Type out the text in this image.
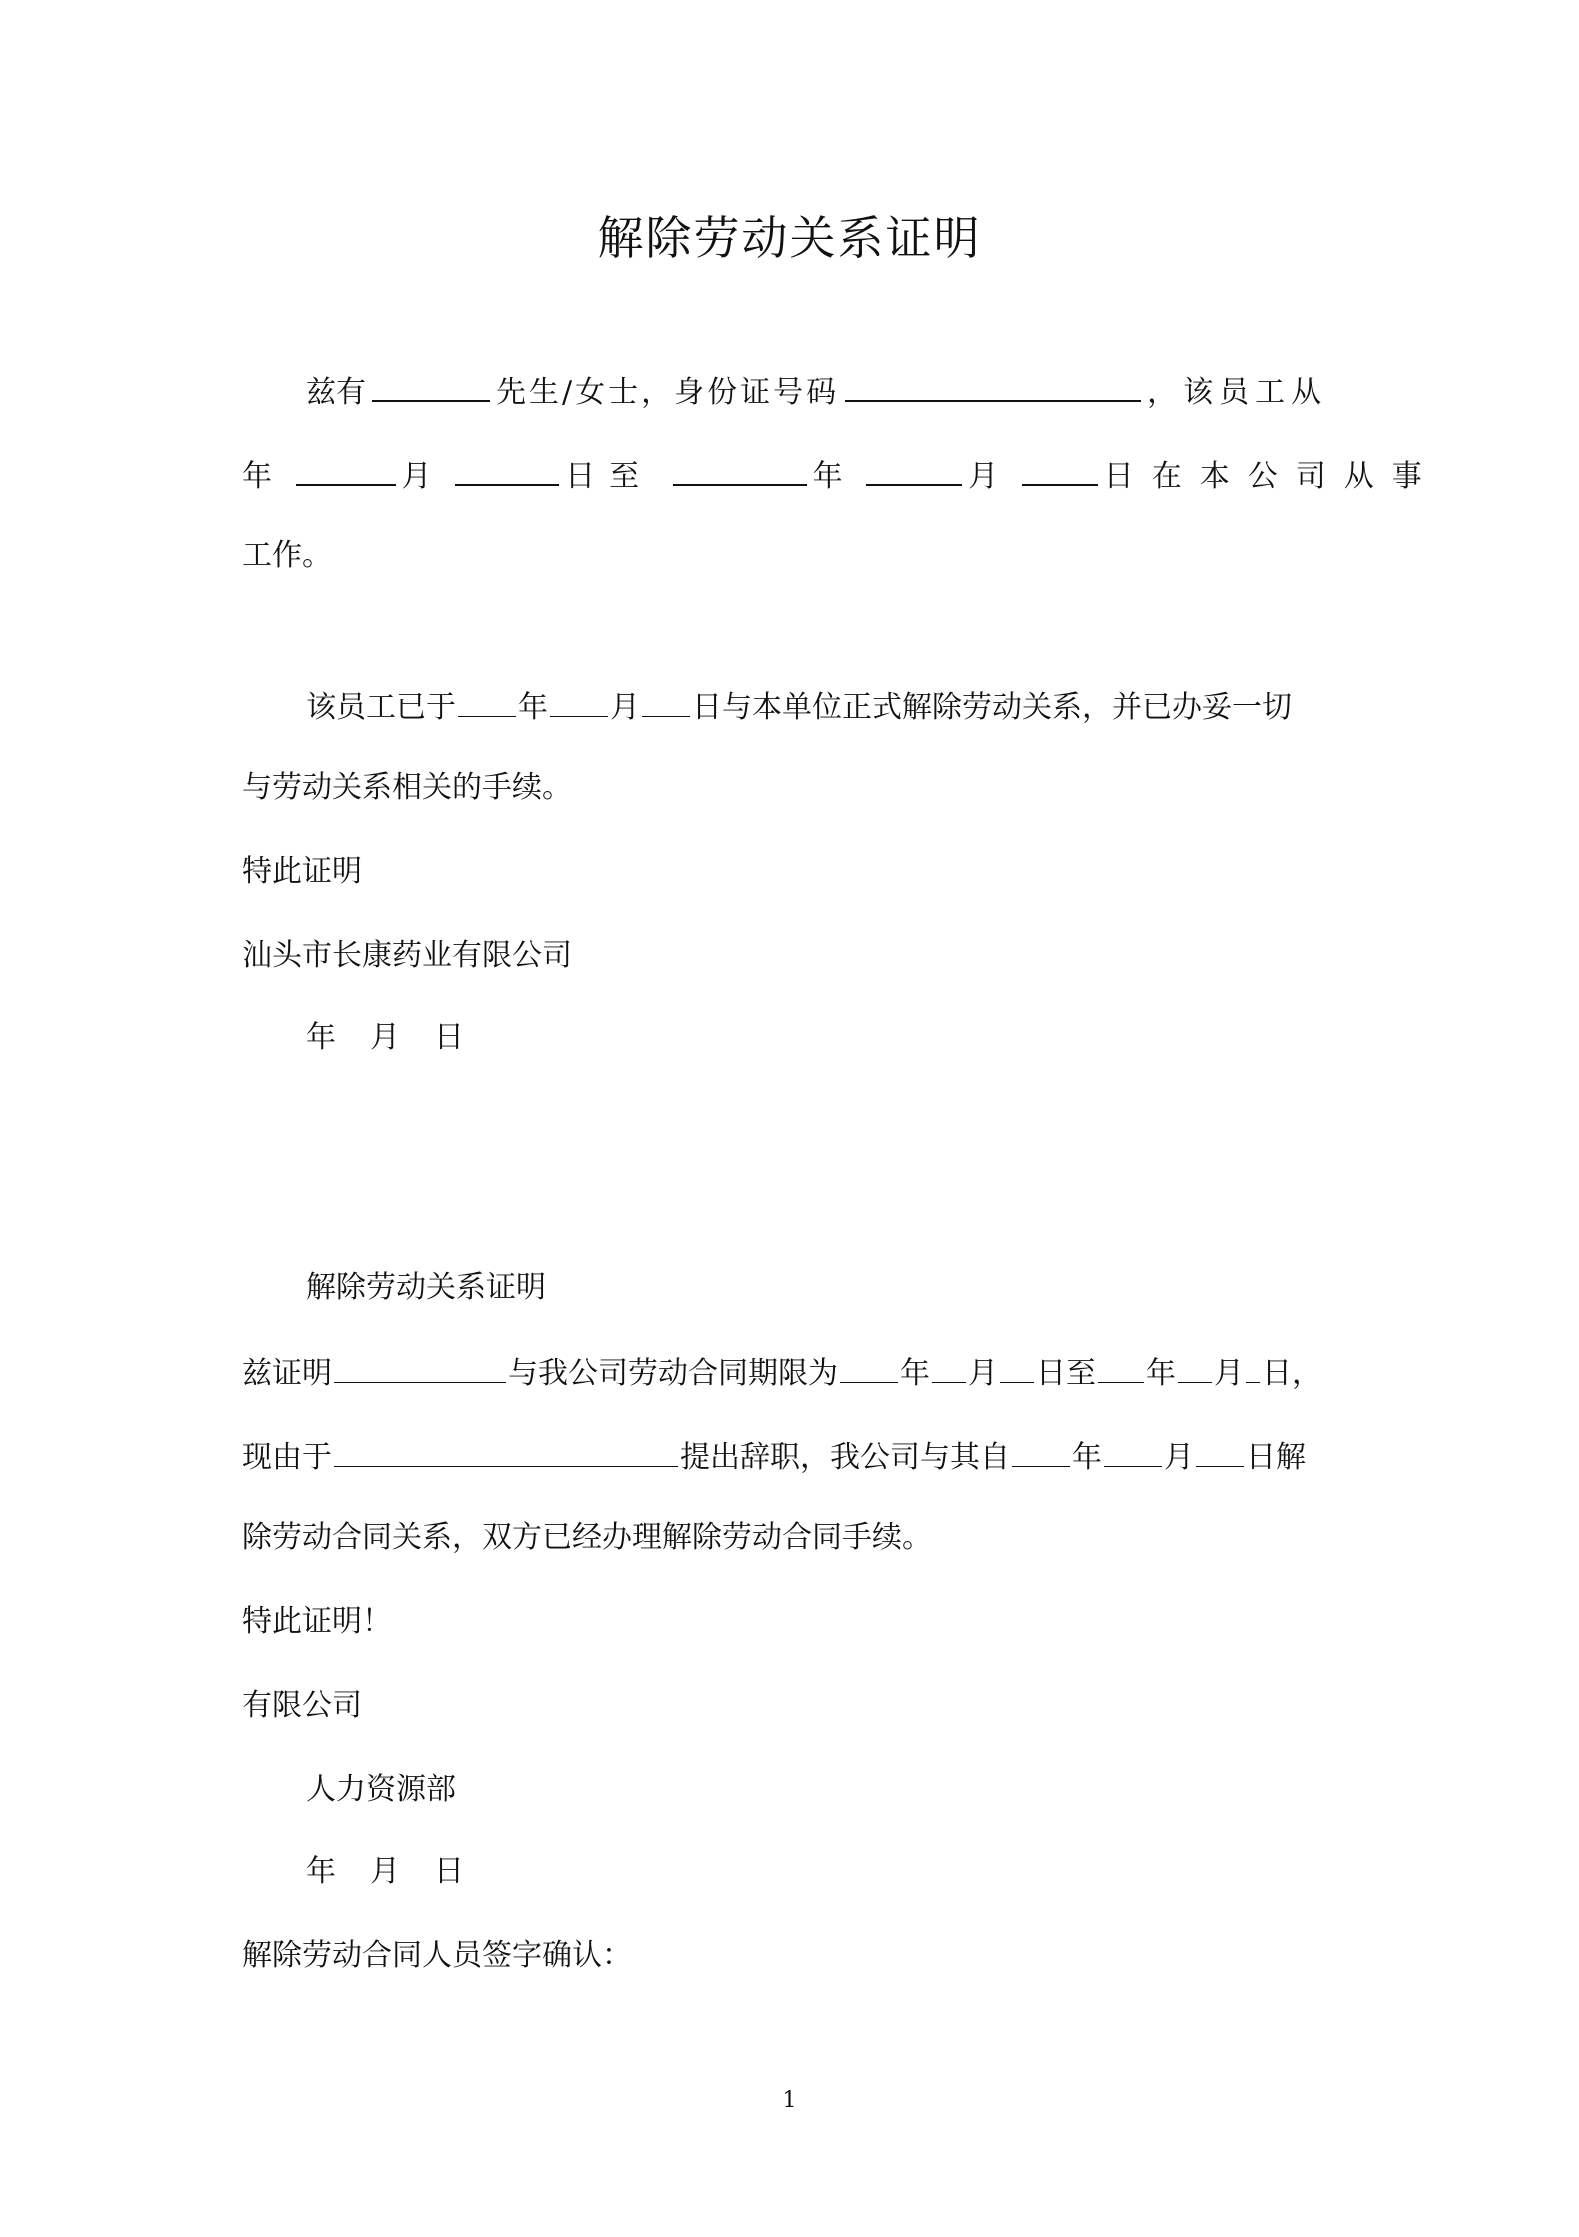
解除劳动关系证明
兹有	先生/女士，身份证号码	，该员工从
年	月	日至	年	月	日在本公司从事
工作。
该员工已于 年 月 日与本单位正式解除劳动关系，并已办妥一切
与劳动关系相关的手续。
特此证明
汕头市长康药业有限公司
年 月 日
解除劳动关系证明
兹证明	与我公司劳动合同期限为 年 月 日至 年 月 日，
现由于	提出辞职，我公司与其自 年 月 日解
除劳动合同关系，双方已经办理解除劳动合同手续。
特此证明！
有限公司
人力资源部
年 月 日
解除劳动合同人员签字确认：
1
